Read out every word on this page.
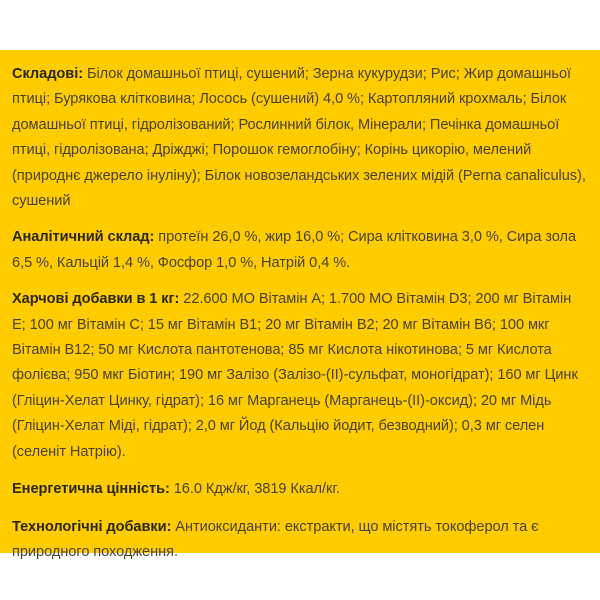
Складові: Білок домашньої птиці, сушений; Зерна кукурудзи; Рис; Жир домашньої птиці; Бурякова клітковина; Лосось (сушений) 4,0 %; Картопляний крохмаль; Білок домашньої птиці, гідролізований; Рослинний білок, Мінерали; Печінка домашньої птиці, гідролізована; Дріжджі; Порошок гемоглобіну; Корінь цикорію, мелений (природнє джерело інуліну); Білок новозеландських зелених мідій (Perna canaliculus), сушений

Аналітичний склад: протеїн 26,0 %, жир 16,0 %; Сира клітковина 3,0 %, Сира зола 6,5 %, Кальцій 1,4 %, Фосфор 1,0 %, Натрій 0,4 %.

Харчові добавки в 1 кг: 22.600 МО Вітамін A; 1.700 МО Вітамін D3; 200 мг Вітамін E; 100 мг Вітамін C; 15 мг Вітамін B1; 20 мг Вітамін B2; 20 мг Вітамін B6; 100 мкг Вітамін B12; 50 мг Кислота пантотенова; 85 мг Кислота нікотинова; 5 мг Кислота фолієва; 950 мкг Біотин; 190 мг Залізо (Залізо-(II)-сульфат, моногідрат); 160 мг Цинк (Гліцин-Хелат Цинку, гідрат); 16 мг Марганець (Марганець-(II)-оксид); 20 мг Мідь (Гліцин-Хелат Міді, гідрат); 2,0 мг Йод (Кальцію йодит, безводний); 0,3 мг селен (селеніт Натрію).

Енергетична цінність: 16.0 Кдж/кг, 3819 Ккал/кг.

Технологічні добавки: Антиоксиданти: екстракти, що містять токоферол та є природного походження.
